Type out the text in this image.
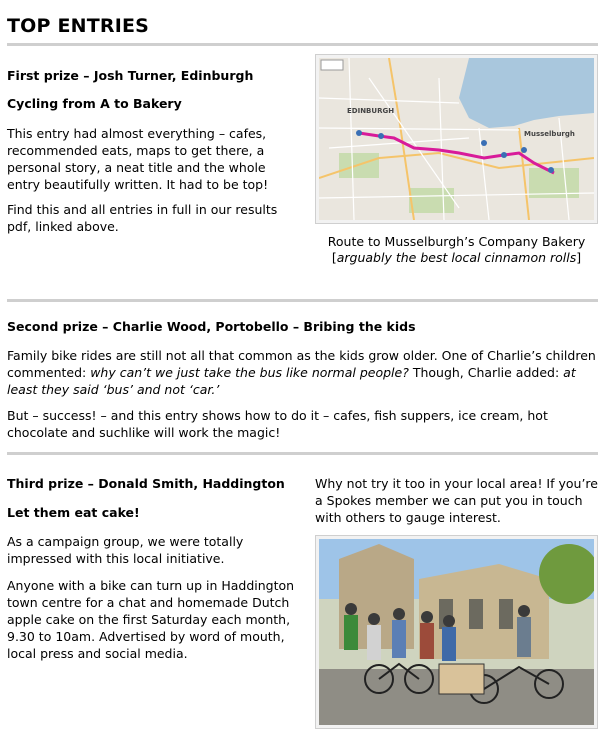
TOP ENTRIES
First prize – Josh Turner, Edinburgh
Cycling from A to Bakery

This entry had almost everything – cafes, recommended eats, maps to get there, a personal story, a neat title and the whole entry beautifully written. It had to be top!

Find this and all entries in full in our results pdf, linked above.

EDINBURGH
Musselburgh
Route to Musselburgh’s Company Bakery
[arguably the best local cinnamon rolls]
Second prize – Charlie Wood, Portobello – Bribing the kids

Family bike rides are still not all that common as the kids grow older. One of Charlie’s children commented: why can’t we just take the bus like normal people? Though, Charlie added: at least they said ‘bus’ and not ‘car.’

But – success! – and this entry shows how to do it – cafes, fish suppers, ice cream, hot chocolate and suchlike will work the magic!

Third prize – Donald Smith, Haddington
Let them eat cake!

As a campaign group, we were totally impressed with this local initiative.

Anyone with a bike can turn up in Haddington town centre for a chat and homemade Dutch apple cake on the first Saturday each month, 9.30 to 10am. Advertised by word of mouth, local press and social media.

Why not try it too in your local area! If you’re a Spokes member we can put you in touch with others to gauge interest.
